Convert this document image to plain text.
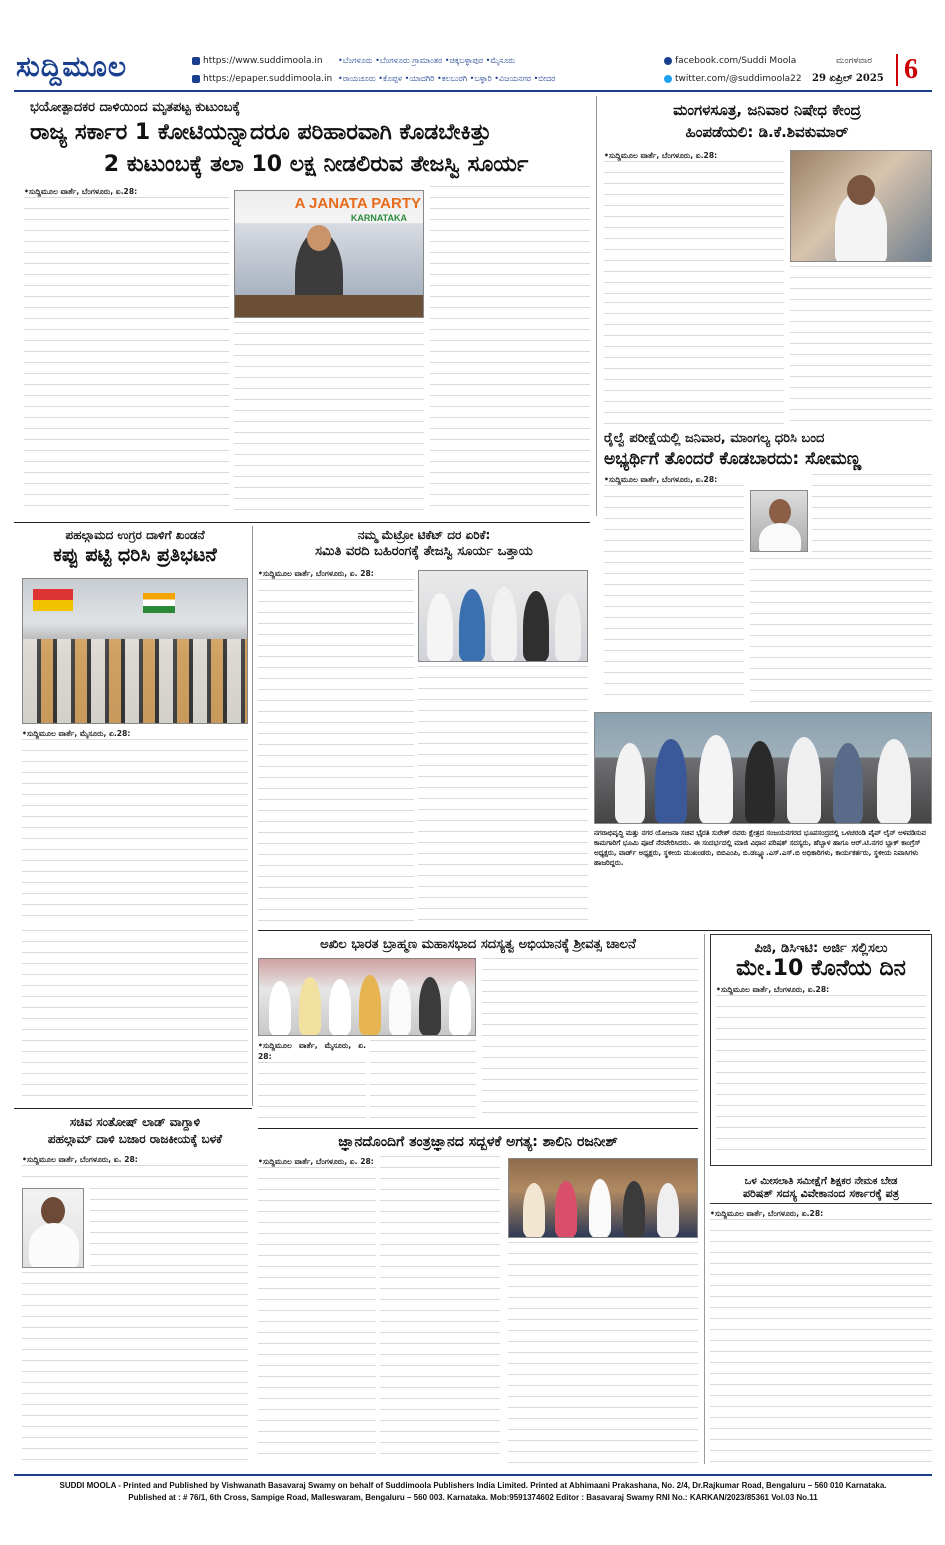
ಸುದ್ದಿಮೂಲ	https://www.suddimoola.in
https://epaper.suddimoola.in
•ಬೆಂಗಳೂರು •ಬೆಂಗಳೂರು ಗ್ರಾಮಾಂತರ •ಚಿಕ್ಕಬಳ್ಳಾಪುರ •ಮೈಸೂರು
•ರಾಯಚೂರು •ಕೊಪ್ಪಳ •ಯಾದಗಿರಿ •ಕಲಬುರಗಿ •ಬಳ್ಳಾರಿ •ವಿಜಯನಗರ •ಬೀದರ
facebook.com/Suddi Moola
twitter.com/@suddimoola22
ಮಂಗಳವಾರ
29 ಏಪ್ರಿಲ್ 2025 6
ಭಯೋತ್ಪಾದಕರ ದಾಳಿಯಿಂದ ಮೃತಪಟ್ಟ ಕುಟುಂಬಕ್ಕೆ
ರಾಜ್ಯ ಸರ್ಕಾರ 1 ಕೋಟಿಯನ್ನಾದರೂ ಪರಿಹಾರವಾಗಿ ಕೊಡಬೇಕಿತ್ತು
2 ಕುಟುಂಬಕ್ಕೆ ತಲಾ 10 ಲಕ್ಷ ನೀಡಲಿರುವ ತೇಜಸ್ವಿ ಸೂರ್ಯ
•ಸುದ್ದಿಮೂಲ ವಾರ್ತೆ, ಬೆಂಗಳೂರು, ಏ.28:
A JANATA PARTY
KARNATAKA
ಮಂಗಳಸೂತ್ರ, ಜನಿವಾರ ನಿಷೇಧ ಕೇಂದ್ರ
ಹಿಂಪಡೆಯಲಿ: ಡಿ.ಕೆ.ಶಿವಕುಮಾರ್
•ಸುದ್ದಿಮೂಲ ವಾರ್ತೆ, ಬೆಂಗಳೂರು, ಏ.28:
ರೈಲ್ವೆ ಪರೀಕ್ಷೆಯಲ್ಲಿ ಜನಿವಾರ, ಮಾಂಗಲ್ಯ ಧರಿಸಿ ಬಂದ
ಅಭ್ಯರ್ಥಿಗೆ ತೊಂದರೆ ಕೊಡಬಾರದು: ಸೋಮಣ್ಣ
•ಸುದ್ದಿಮೂಲ ವಾರ್ತೆ, ಬೆಂಗಳೂರು, ಏ.28:
ನಗರಾಭಿವೃದ್ಧಿ ಮತ್ತು ನಗರ ಯೋಜನಾ ಸಚಿವ ಭೈರತಿ ಸುರೇಶ್ ರವರು ಕ್ಷೇತ್ರದ ಸಂಜಯನಗರದ ಭೂಪಸಂದ್ರದಲ್ಲಿ ಒಳಚರಂಡಿ ಪೈಪ್ ಲೈನ್ ಅಳವಡಿಸುವ ಕಾಮಗಾರಿಗೆ ಭೂಮಿ ಪೂಜೆ ನೆರವೇರಿಸಿದರು. ಈ ಸಂದರ್ಭದಲ್ಲಿ ಮಾಜಿ ವಿಧಾನ ಪರಿಷತ್ ಸದಸ್ಯರು, ಹೆಬ್ಬಾಳ ಹಾಗೂ ಆರ್.ಟಿ.ನಗರ ಬ್ಲಾಕ್ ಕಾಂಗ್ರೆಸ್ ಅಧ್ಯಕ್ಷರು, ವಾರ್ಡ್ ಅಧ್ಯಕ್ಷರು, ಸ್ಥಳೀಯ ಮುಖಂಡರು, ಬಿಬಿಎಂಪಿ, ಬಿ.ಡಬ್ಲ್ಯೂ.ಎಸ್.ಎಸ್.ಬಿ ಅಧಿಕಾರಿಗಳು, ಕಾರ್ಯಕರ್ತರು, ಸ್ಥಳೀಯ ನಿವಾಸಿಗಳು ಹಾಜರಿದ್ದರು.
ಪಹಲ್ಗಾಮದ ಉಗ್ರರ ದಾಳಿಗೆ ಖಂಡನೆ
ಕಪ್ಪು ಪಟ್ಟಿ ಧರಿಸಿ ಪ್ರತಿಭಟನೆ
•ಸುದ್ದಿಮೂಲ ವಾರ್ತೆ, ಮೈಸೂರು, ಏ.28:
ನಮ್ಮ ಮೆಟ್ರೋ ಟಿಕೆಟ್ ದರ ಏರಿಕೆ:
ಸಮಿತಿ ವರದಿ ಬಹಿರಂಗಕ್ಕೆ ತೇಜಸ್ವಿ ಸೂರ್ಯ ಒತ್ತಾಯ
•ಸುದ್ದಿಮೂಲ ವಾರ್ತೆ, ಬೆಂಗಳೂರು, ಏ. 28:
ಅಖಿಲ ಭಾರತ ಬ್ರಾಹ್ಮಣ ಮಹಾಸಭಾದ ಸದಸ್ಯತ್ವ ಅಭಿಯಾನಕ್ಕೆ ಶ್ರೀವತ್ಸ ಚಾಲನೆ
•ಸುದ್ದಿಮೂಲ ವಾರ್ತೆ, ಮೈಸೂರು, ಏ. 28:
ಪಿಜಿ, ಡಿಸಿಇಟಿ: ಅರ್ಜಿ ಸಲ್ಲಿಸಲು
ಮೇ.10 ಕೊನೆಯ ದಿನ
•ಸುದ್ದಿಮೂಲ ವಾರ್ತೆ, ಬೆಂಗಳೂರು, ಏ.28:
ಒಳ ಮೀಸಲಾತಿ ಸಮೀಕ್ಷೆಗೆ ಶಿಕ್ಷಕರ ನೇಮಕ ಬೇಡ
ಪರಿಷತ್ ಸದಸ್ಯ ವಿವೇಕಾನಂದ ಸರ್ಕಾರಕ್ಕೆ ಪತ್ರ
•ಸುದ್ದಿಮೂಲ ವಾರ್ತೆ, ಬೆಂಗಳೂರು, ಏ.28:
ಸಚಿವ ಸಂತೋಷ್ ಲಾಡ್ ವಾಗ್ದಾಳಿ
ಪಹಲ್ಗಾಮ್ ದಾಳಿ ಬಜಾರ ರಾಜಕೀಯಕ್ಕೆ ಬಳಕೆ
•ಸುದ್ದಿಮೂಲ ವಾರ್ತೆ, ಬೆಂಗಳೂರು, ಏ. 28:
ಜ್ಞಾನದೊಂದಿಗೆ ತಂತ್ರಜ್ಞಾನದ ಸದ್ಬಳಕೆ ಅಗತ್ಯ: ಶಾಲಿನಿ ರಜನೀಶ್
•ಸುದ್ದಿಮೂಲ ವಾರ್ತೆ, ಬೆಂಗಳೂರು, ಏ. 28:
SUDDI MOOLA - Printed and Published by Vishwanath Basavaraj Swamy on behalf of Suddimoola Publishers India Limited. Printed at Abhimaani Prakashana, No. 2/4, Dr.Rajkumar Road, Bengaluru – 560 010 Karnataka.
Published at : # 76/1, 6th Cross, Sampige Road, Malleswaram, Bengaluru – 560 003. Karnataka. Mob:9591374602 Editor : Basavaraj Swamy RNI No.: KARKAN/2023/85361 Vol.03 No.11
